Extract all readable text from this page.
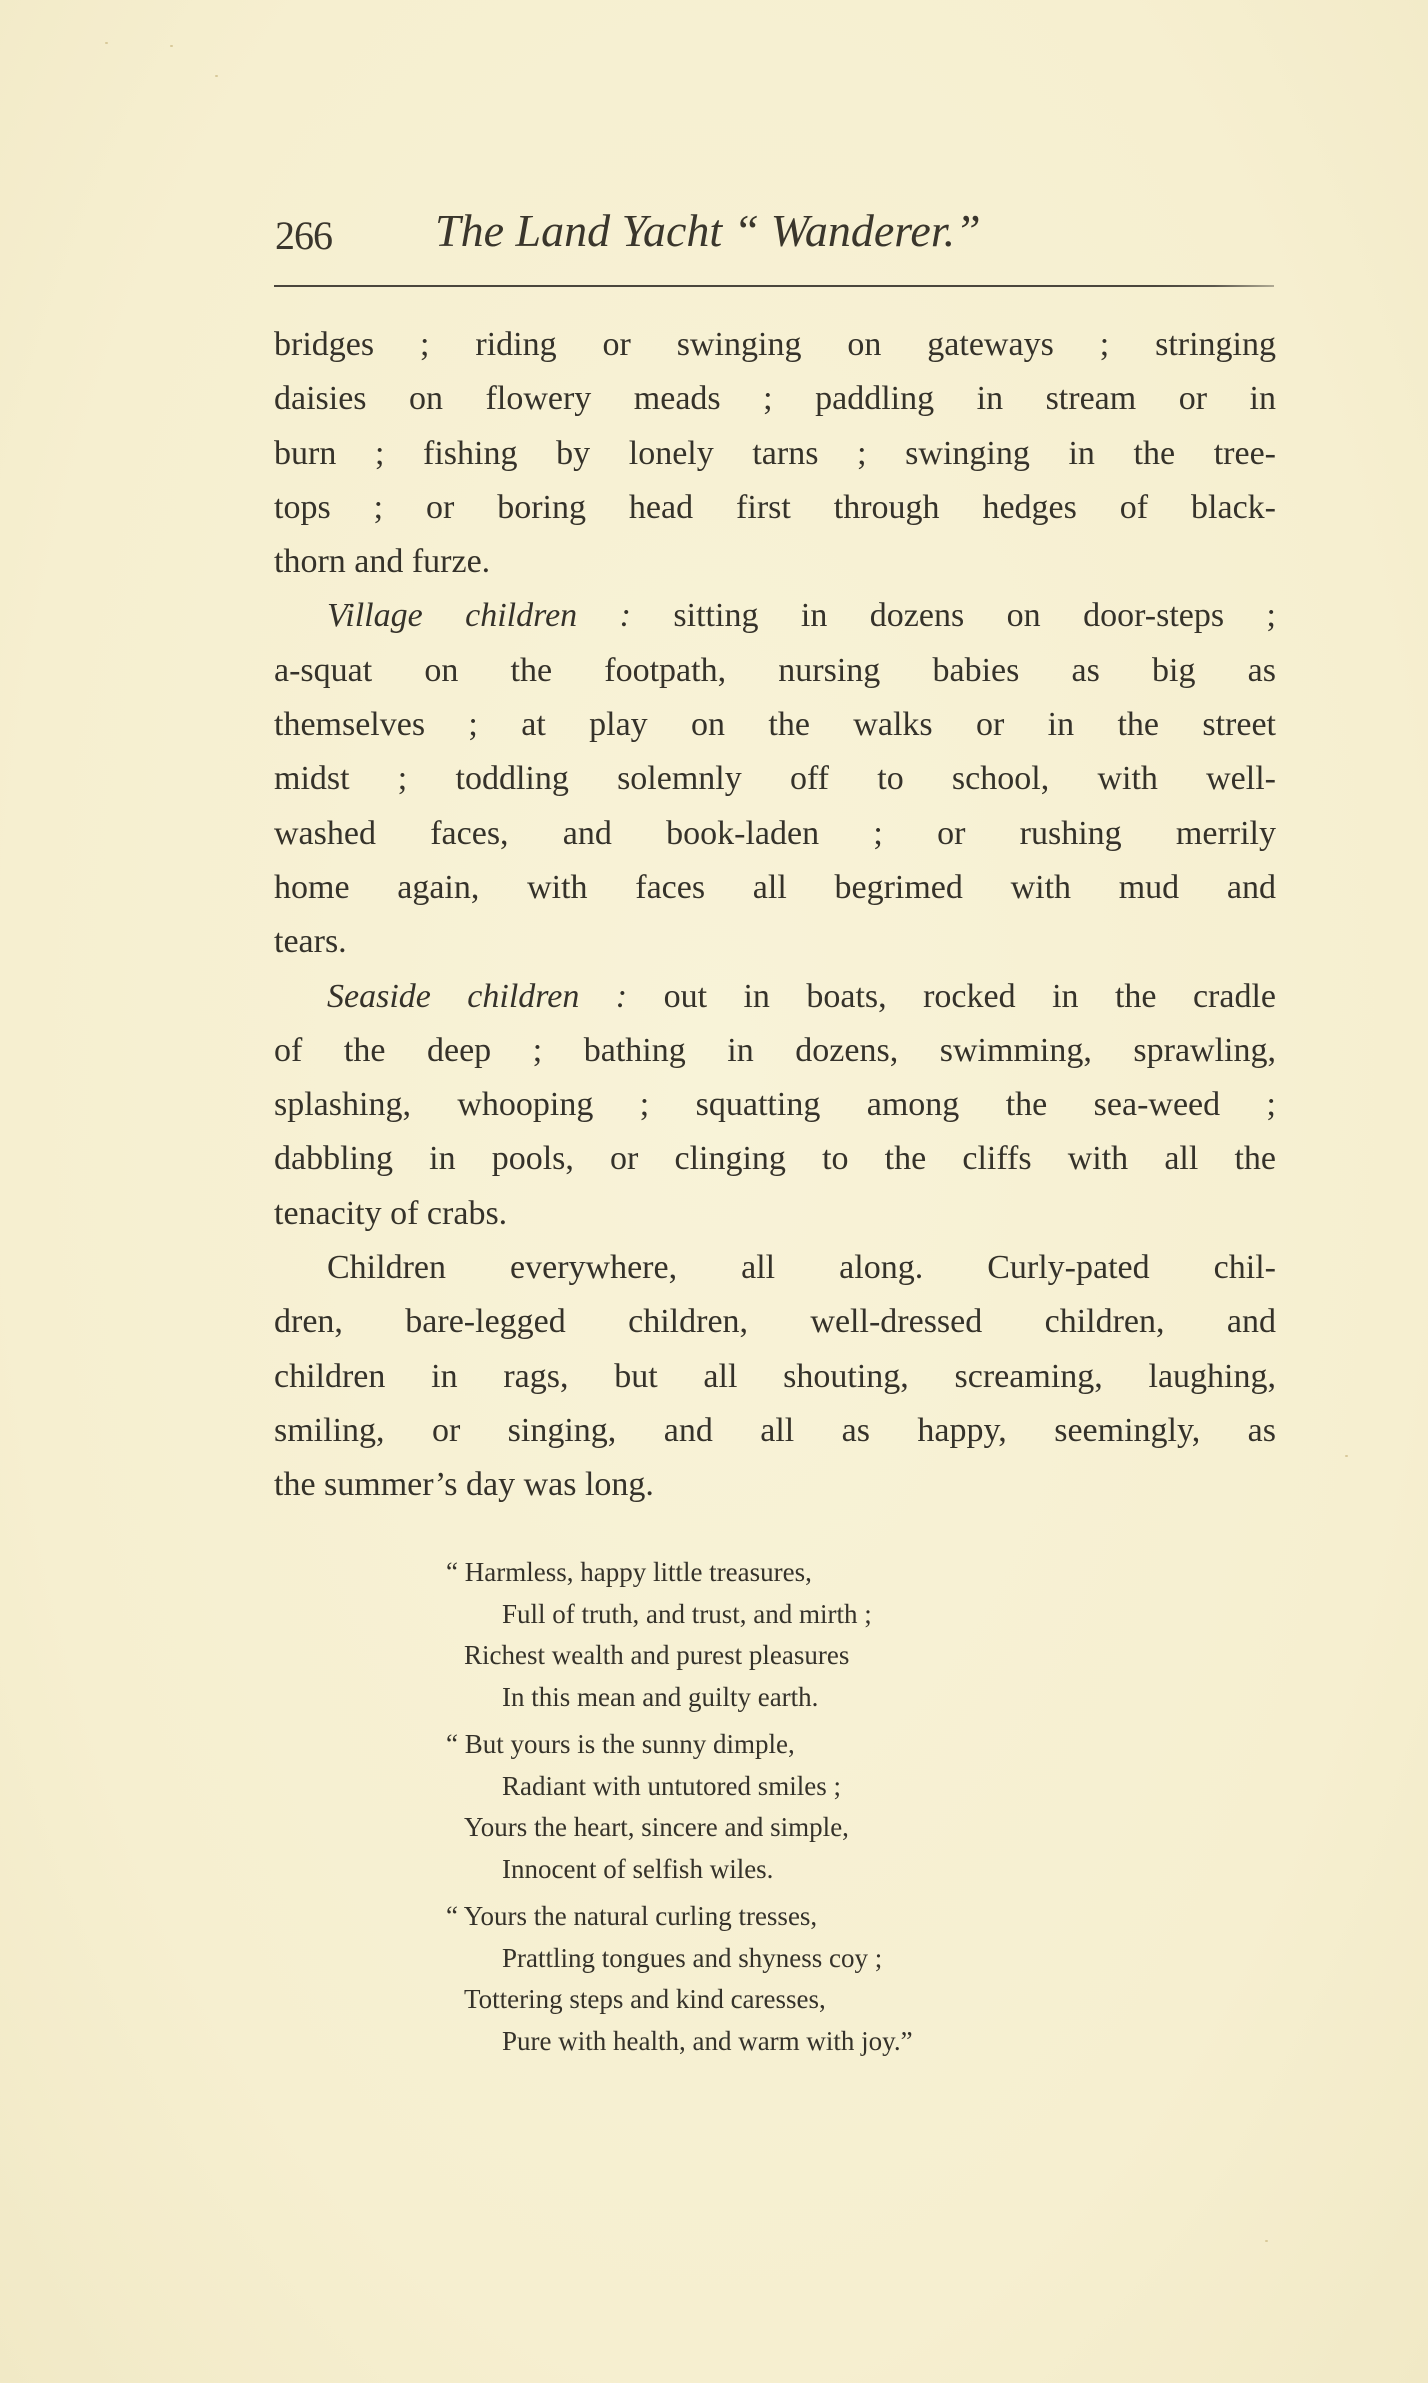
266 The Land Yacht “ Wanderer.”

bridges ; riding or swinging on gateways ; stringing
daisies on flowery meads ; paddling in stream or in
burn ; fishing by lonely tarns ; swinging in the tree-
tops ; or boring head first through hedges of black-
thorn and furze.

Village children : sitting in dozens on door-steps ;
a-squat on the footpath, nursing babies as big as
themselves ; at play on the walks or in the street
midst ; toddling solemnly off to school, with well-
washed faces, and book-laden ; or rushing merrily
home again, with faces all begrimed with mud and
tears.

Seaside children : out in boats, rocked in the cradle
of the deep ; bathing in dozens, swimming, sprawling,
splashing, whooping ; squatting among the sea-weed ;
dabbling in pools, or clinging to the cliffs with all the
tenacity of crabs.

Children everywhere, all along. Curly-pated chil-
dren, bare-legged children, well-dressed children, and
children in rags, but all shouting, screaming, laughing,
smiling, or singing, and all as happy, seemingly, as
the summer’s day was long.

“ Harmless, happy little treasures,
Full of truth, and trust, and mirth ;
Richest wealth and purest pleasures
In this mean and guilty earth.
“ But yours is the sunny dimple,
Radiant with untutored smiles ;
Yours the heart, sincere and simple,
Innocent of selfish wiles.
“ Yours the natural curling tresses,
Prattling tongues and shyness coy ;
Tottering steps and kind caresses,
Pure with health, and warm with joy.”
